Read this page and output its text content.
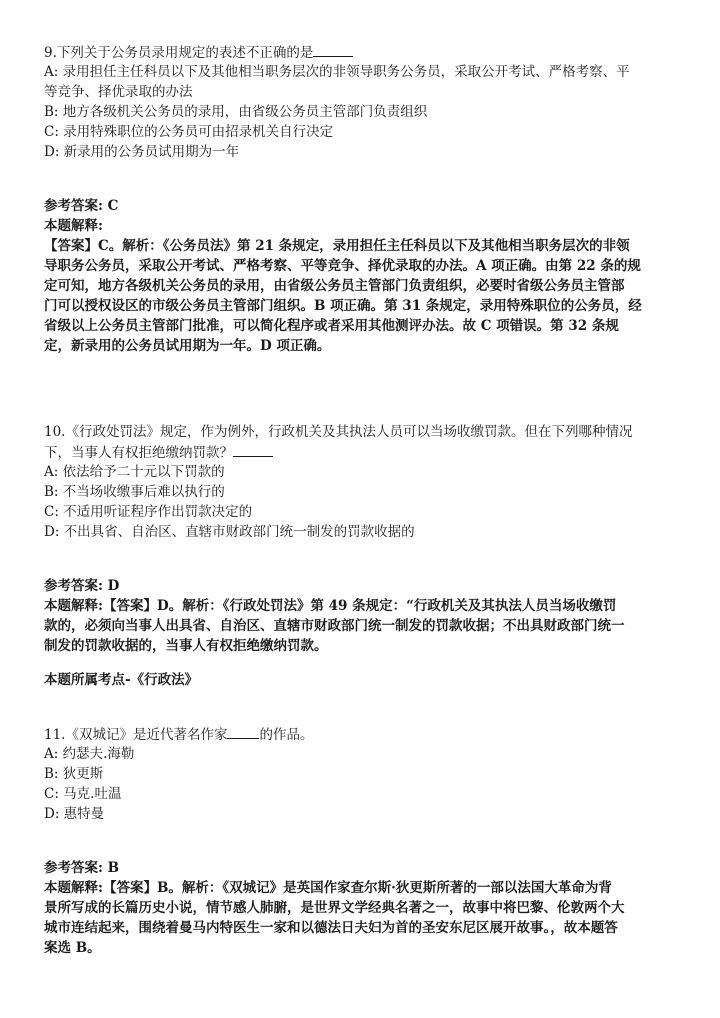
9.下列关于公务员录用规定的表述不正确的是
A: 录用担任主任科员以下及其他相当职务层次的非领导职务公务员，采取公开考试、严格考察、平
等竞争、择优录取的办法
B: 地方各级机关公务员的录用，由省级公务员主管部门负责组织
C: 录用特殊职位的公务员可由招录机关自行决定
D: 新录用的公务员试用期为一年
参考答案: C
本题解释:
【答案】C。解析：《公务员法》第 21 条规定，录用担任主任科员以下及其他相当职务层次的非领
导职务公务员，采取公开考试、严格考察、平等竞争、择优录取的办法。A 项正确。由第 22 条的规
定可知，地方各级机关公务员的录用，由省级公务员主管部门负责组织，必要时省级公务员主管部
门可以授权设区的市级公务员主管部门组织。B 项正确。第 31 条规定，录用特殊职位的公务员，经
省级以上公务员主管部门批准，可以简化程序或者采用其他测评办法。故 C 项错误。第 32 条规
定，新录用的公务员试用期为一年。D 项正确。
10.《行政处罚法》规定，作为例外，行政机关及其执法人员可以当场收缴罚款。但在下列哪种情况
下，当事人有权拒绝缴纳罚款？
A: 依法给予二十元以下罚款的
B: 不当场收缴事后难以执行的
C: 不适用听证程序作出罚款决定的
D: 不出具省、自治区、直辖市财政部门统一制发的罚款收据的
参考答案: D
本题解释:【答案】D。解析：《行政处罚法》第 49 条规定：“行政机关及其执法人员当场收缴罚
款的，必须向当事人出具省、自治区、直辖市财政部门统一制发的罚款收据；不出具财政部门统一
制发的罚款收据的，当事人有权拒绝缴纳罚款。
本题所属考点-《行政法》
11.《双城记》是近代著名作家 的作品。
A: 约瑟夫.海勒
B: 狄更斯
C: 马克.吐温
D: 惠特曼
参考答案: B
本题解释:【答案】B。解析：《双城记》是英国作家查尔斯·狄更斯所著的一部以法国大革命为背
景所写成的长篇历史小说，情节感人肺腑，是世界文学经典名著之一，故事中将巴黎、伦敦两个大
城市连结起来，围绕着曼马内特医生一家和以德法日夫妇为首的圣安东尼区展开故事。，故本题答
案选 B。
